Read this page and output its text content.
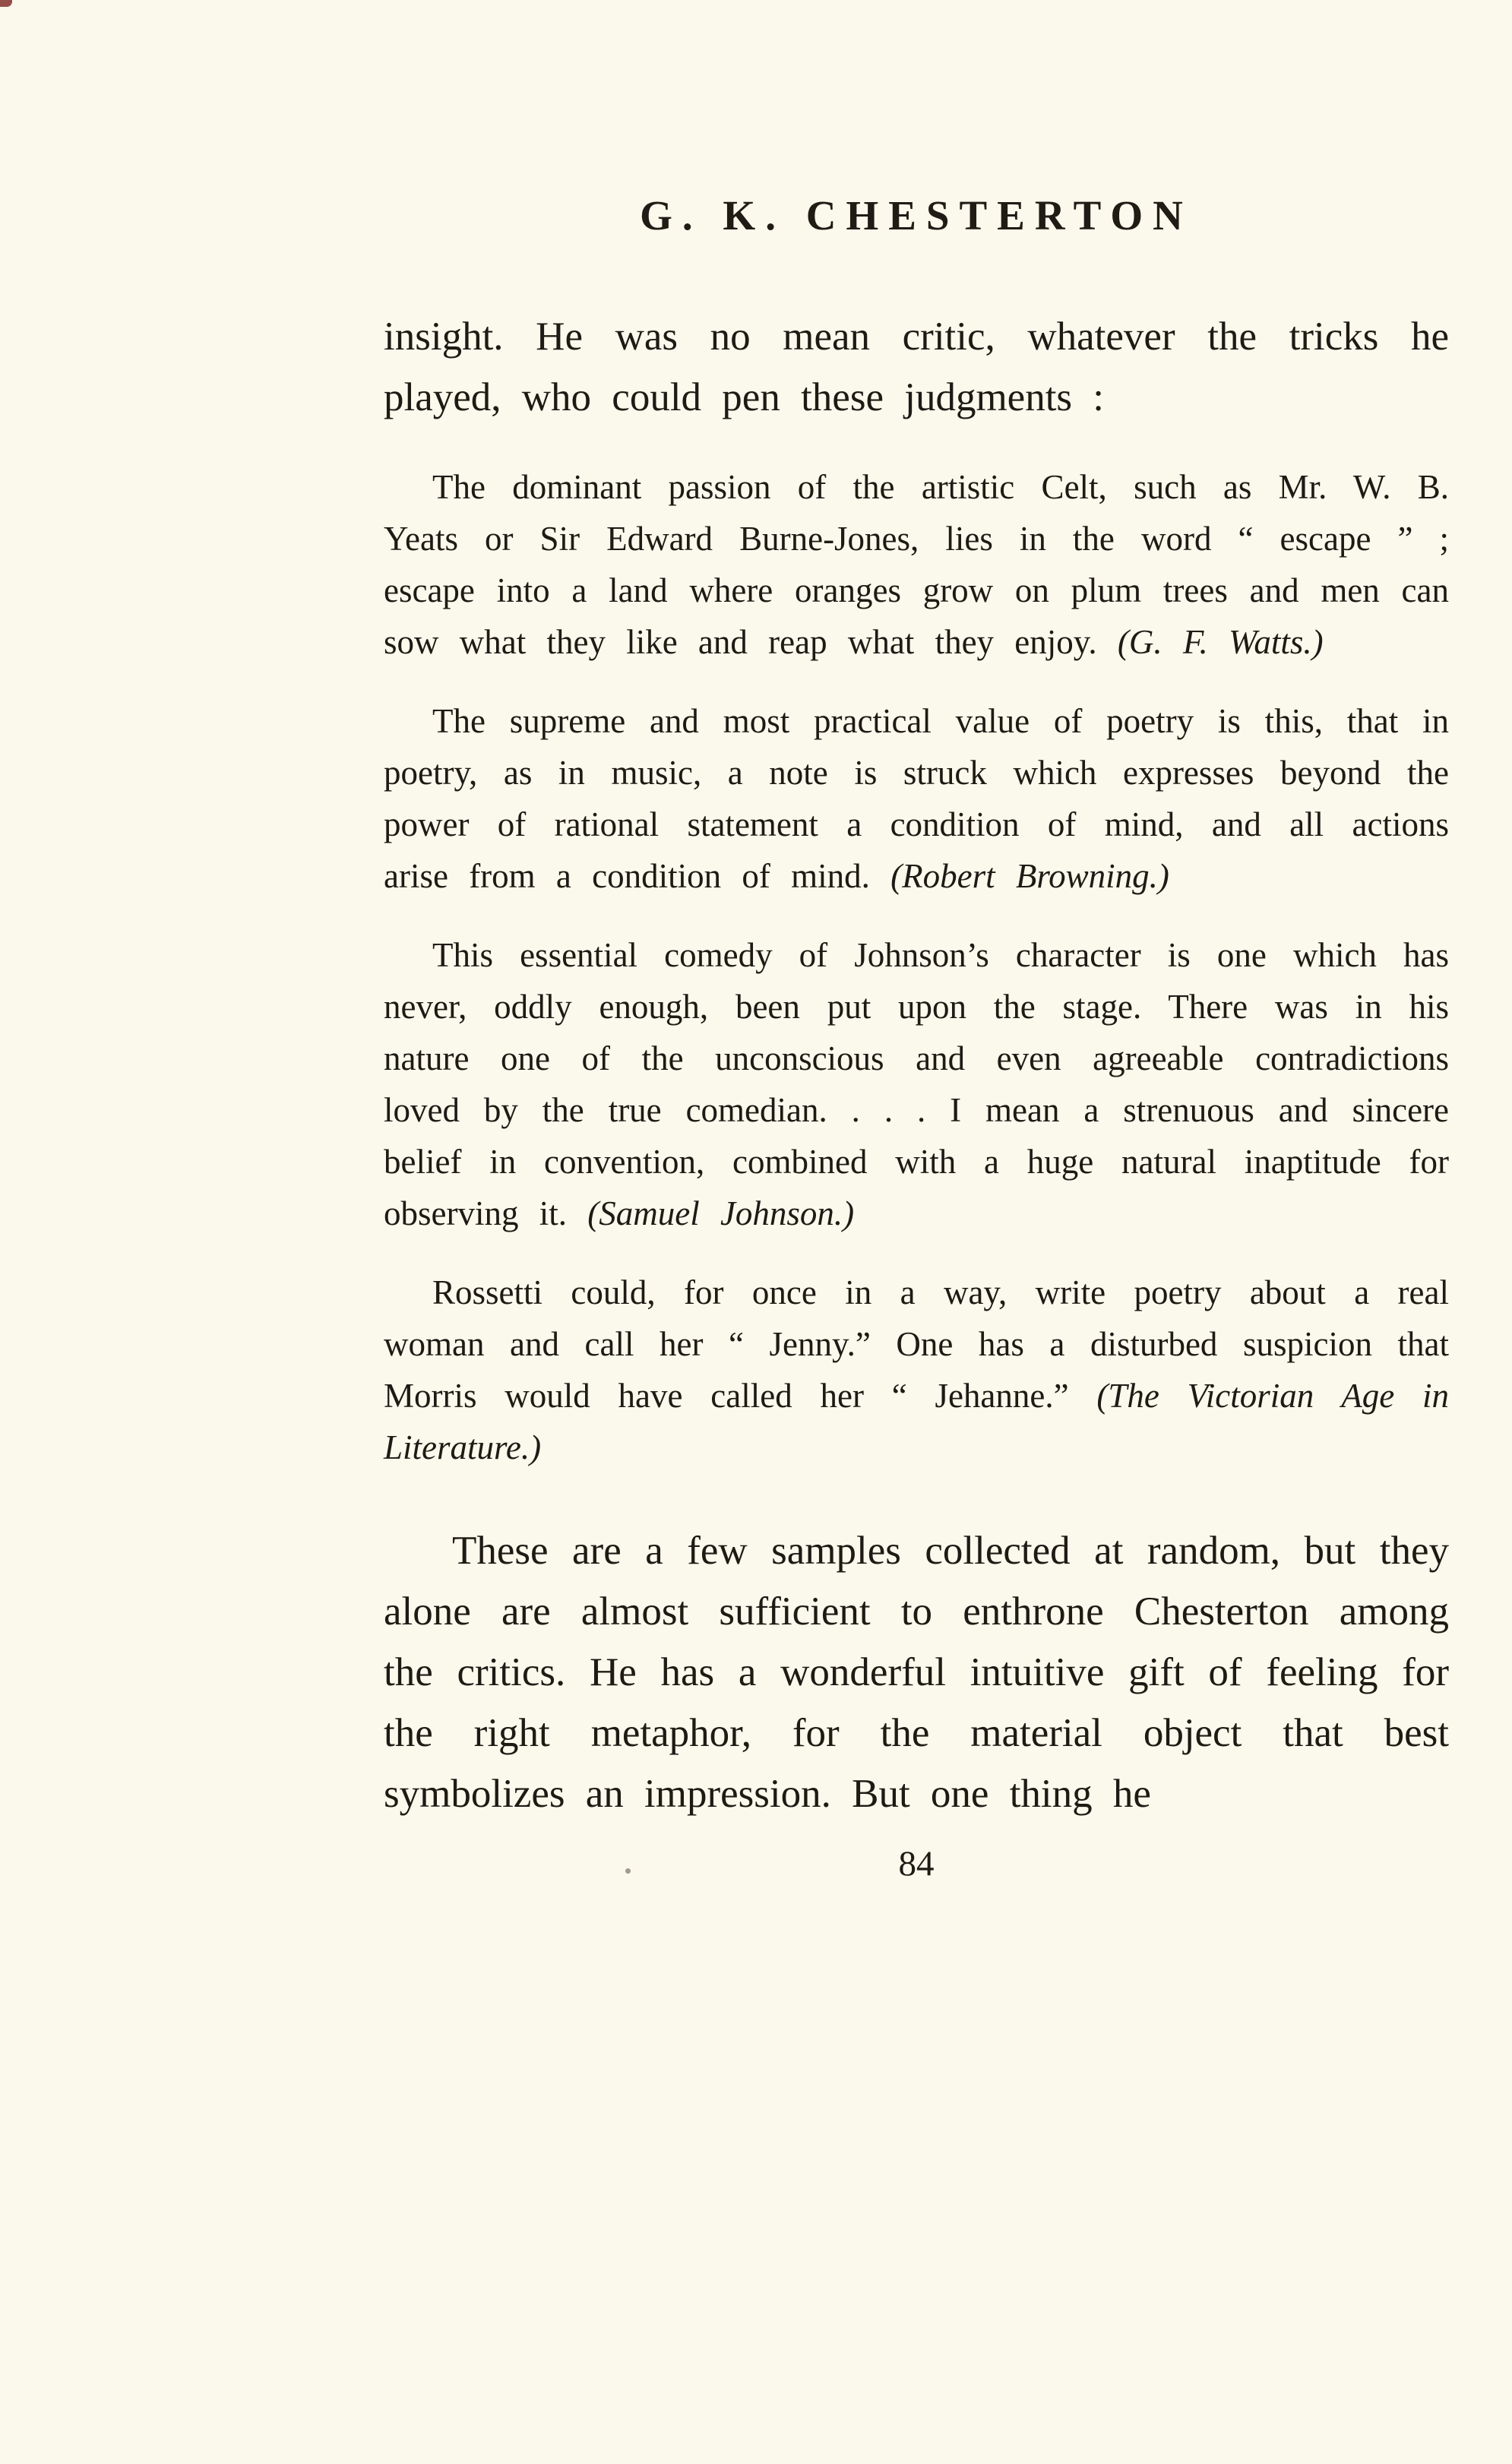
G. K. CHESTERTON

insight. He was no mean critic, whatever the tricks he played, who could pen these judgments :

The dominant passion of the artistic Celt, such as Mr. W. B. Yeats or Sir Edward Burne-Jones, lies in the word “ escape ” ; escape into a land where oranges grow on plum trees and men can sow what they like and reap what they enjoy. (G. F. Watts.)

The supreme and most practical value of poetry is this, that in poetry, as in music, a note is struck which expresses beyond the power of rational statement a condition of mind, and all actions arise from a condition of mind. (Robert Browning.)

This essential comedy of Johnson’s character is one which has never, oddly enough, been put upon the stage. There was in his nature one of the unconscious and even agreeable contradictions loved by the true comedian. . . . I mean a strenuous and sincere belief in convention, combined with a huge natural inaptitude for observing it. (Samuel Johnson.)

Rossetti could, for once in a way, write poetry about a real woman and call her “ Jenny.” One has a disturbed suspicion that Morris would have called her “ Jehanne.” (The Victorian Age in Literature.)

These are a few samples collected at random, but they alone are almost sufficient to enthrone Chesterton among the critics. He has a wonderful intuitive gift of feeling for the right metaphor, for the material object that best symbolizes an impression. But one thing he

84
